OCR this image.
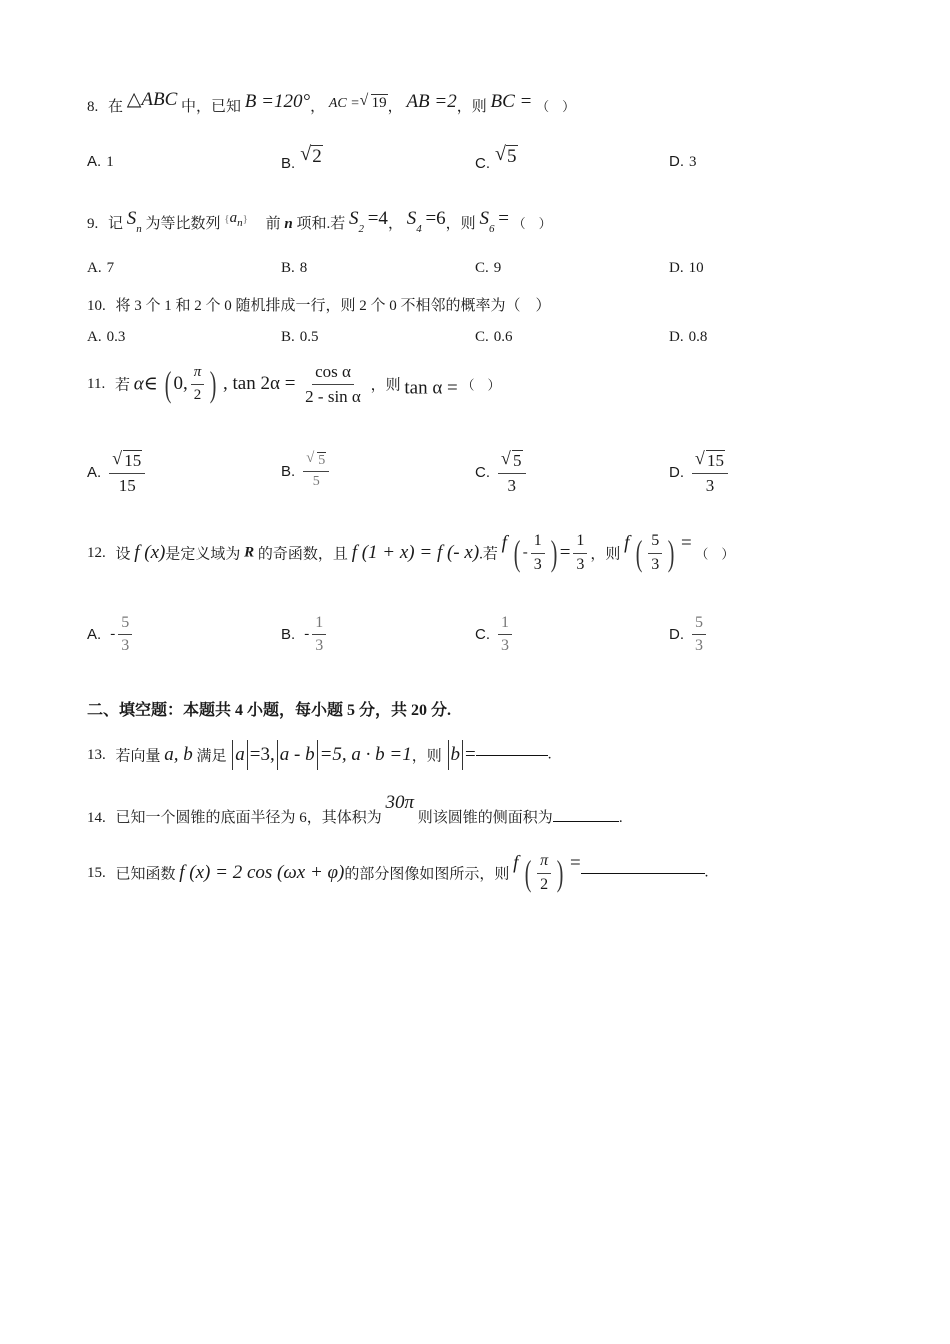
8. 在 △ABC 中，已知 B =120°， AC = √ 19， AB =2，则 BC = （　）
A. 1	B. √ 2	C. √ 5	D. 3
9. 记 $S_n$ 为等比数列 {an} 前 n 项和.若 $S_2 =4$， $S_4 =6$，则 $S_6$ = （　）
A. 7	B. 8	C. 9	D. 10
10. 将 3 个 1 和 2 个 0 随机排成一行，则 2 个 0 不相邻的概率为（　）
A. 0.3	B. 0.5	C. 0.6	D. 0.8
11. 若 α∈ ( 0, $\frac{\pi}{2}$ ) , $\tan 2\alpha = \frac{\text{cos α}}{\text{2 - sin α}}$ ，则 tan α = （　）
A. √ $\frac{15}{15}$	B. √ $\frac{5}{5}$	C. √ $\frac{5}{3}$	D. √ $\frac{15}{3}$
12. 设 f (x)是定义域为 R 的奇函数，且 f (1 + x) = f (- x).若 f ( - $\frac{1}{3}$ ) = $\frac{1}{3}$ ，则 f ( $\frac{5}{3}$ ) = （　）
A. - $\frac{5}{3}$	B. - $\frac{1}{3}$	C. $\frac{1}{3}$	D. $\frac{5}{3}$
二、填空题：本题共 4 小题，每小题 5 分，共 20 分.
13. 若向量 a, b 满足 a =3, a - b =5, a · b =1，则 b =	.
14. 已知一个圆锥的底面半径为 6，其体积为 30π 则该圆锥的侧面积为	.
15. 已知函数 f (x) = 2 cos (ωx + φ)的部分图像如图所示，则 f ( $\frac{\pi}{2}$ ) =	.
